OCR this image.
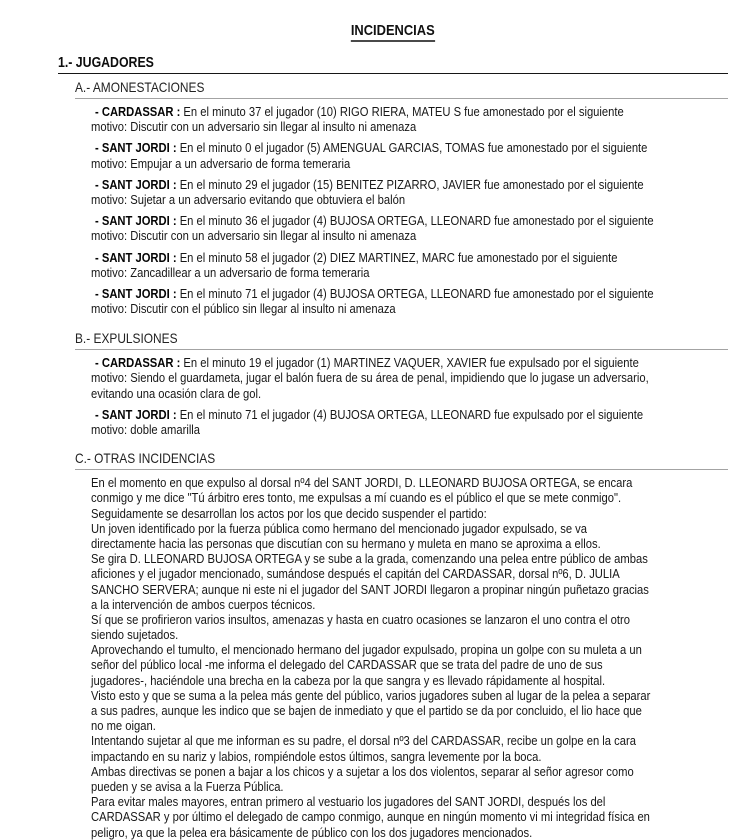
INCIDENCIAS
1.- JUGADORES
A.- AMONESTACIONES
- CARDASSAR : En el minuto 37 el jugador (10) RIGO RIERA, MATEU S fue amonestado por el siguiente
motivo: Discutir con un adversario sin llegar al insulto ni amenaza
- SANT JORDI : En el minuto 0 el jugador (5) AMENGUAL GARCIAS, TOMAS fue amonestado por el siguiente
motivo: Empujar a un adversario de forma temeraria
- SANT JORDI : En el minuto 29 el jugador (15) BENITEZ PIZARRO, JAVIER fue amonestado por el siguiente
motivo: Sujetar a un adversario evitando que obtuviera el balón
- SANT JORDI : En el minuto 36 el jugador (4) BUJOSA ORTEGA, LLEONARD fue amonestado por el siguiente
motivo: Discutir con un adversario sin llegar al insulto ni amenaza
- SANT JORDI : En el minuto 58 el jugador (2) DIEZ MARTINEZ, MARC fue amonestado por el siguiente
motivo: Zancadillear a un adversario de forma temeraria
- SANT JORDI : En el minuto 71 el jugador (4) BUJOSA ORTEGA, LLEONARD fue amonestado por el siguiente
motivo: Discutir con el público sin llegar al insulto ni amenaza
B.- EXPULSIONES
- CARDASSAR : En el minuto 19 el jugador (1) MARTINEZ VAQUER, XAVIER fue expulsado por el siguiente
motivo: Siendo el guardameta, jugar el balón fuera de su área de penal, impidiendo que lo jugase un adversario,
evitando una ocasión clara de gol.
- SANT JORDI : En el minuto 71 el jugador (4) BUJOSA ORTEGA, LLEONARD fue expulsado por el siguiente
motivo: doble amarilla
C.- OTRAS INCIDENCIAS
En el momento en que expulso al dorsal nº4 del SANT JORDI, D. LLEONARD BUJOSA ORTEGA, se encara
conmigo y me dice "Tú árbitro eres tonto, me expulsas a mí cuando es el público el que se mete conmigo".
Seguidamente se desarrollan los actos por los que decido suspender el partido:
Un joven identificado por la fuerza pública como hermano del mencionado jugador expulsado, se va
directamente hacia las personas que discutían con su hermano y muleta en mano se aproxima a ellos.
Se gira D. LLEONARD BUJOSA ORTEGA y se sube a la grada, comenzando una pelea entre público de ambas
aficiones y el jugador mencionado, sumándose después el capitán del CARDASSAR, dorsal nº6, D. JULIA
SANCHO SERVERA; aunque ni este ni el jugador del SANT JORDI llegaron a propinar ningún puñetazo gracias
a la intervención de ambos cuerpos técnicos.
Sí que se profirieron varios insultos, amenazas y hasta en cuatro ocasiones se lanzaron el uno contra el otro
siendo sujetados.
Aprovechando el tumulto, el mencionado hermano del jugador expulsado, propina un golpe con su muleta a un
señor del público local -me informa el delegado del CARDASSAR que se trata del padre de uno de sus
jugadores-, haciéndole una brecha en la cabeza por la que sangra y es llevado rápidamente al hospital.
Visto esto y que se suma a la pelea más gente del público, varios jugadores suben al lugar de la pelea a separar
a sus padres, aunque les indico que se bajen de inmediato y que el partido se da por concluido, el lio hace que
no me oigan.
Intentando sujetar al que me informan es su padre, el dorsal nº3 del CARDASSAR, recibe un golpe en la cara
impactando en su nariz y labios, rompiéndole estos últimos, sangra levemente por la boca.
Ambas directivas se ponen a bajar a los chicos y a sujetar a los dos violentos, separar al señor agresor como
pueden y se avisa a la Fuerza Pública.
Para evitar males mayores, entran primero al vestuario los jugadores del SANT JORDI, después los del
CARDASSAR y por último el delegado de campo conmigo, aunque en ningún momento vi mi integridad física en
peligro, ya que la pelea era básicamente de público con los dos jugadores mencionados.
